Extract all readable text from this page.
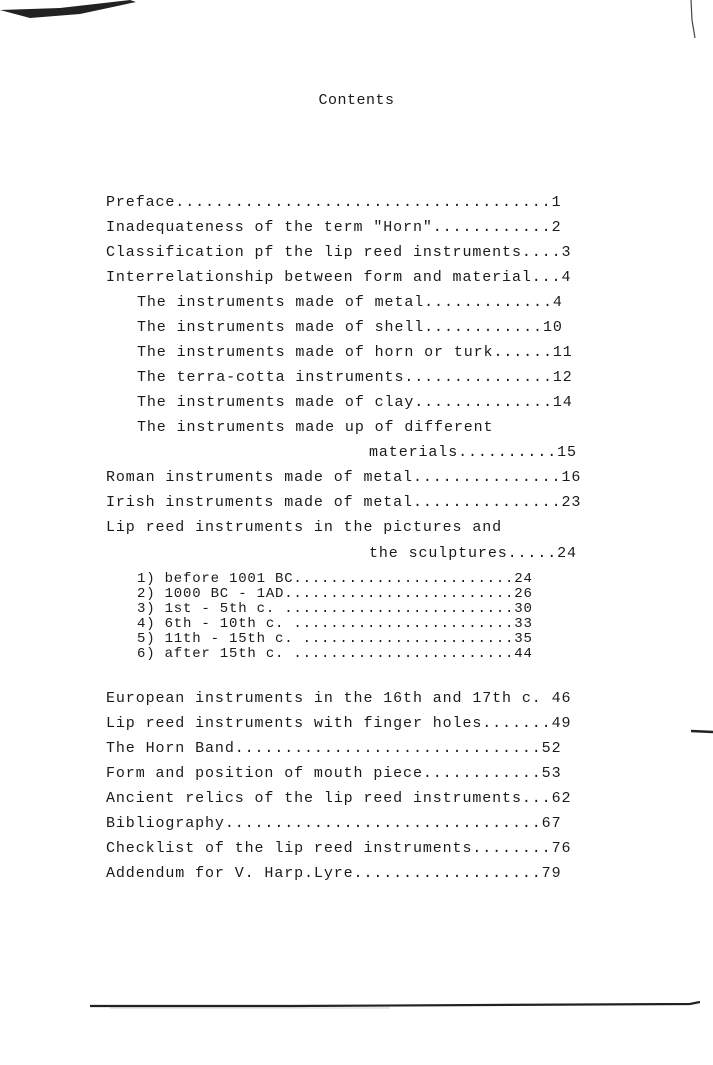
Contents
Preface......................................1
Inadequateness of the term "Horn"............2
Classification pf the lip reed instruments....3
Interrelationship between form and material...4
The instruments made of metal.............4
The instruments made of shell............10
The instruments made of horn or turk......11
The terra-cotta instruments...............12
The instruments made of clay..............14
The instruments made up of different
materials..........15
Roman instruments made of metal...............16
Irish instruments made of metal...............23
Lip reed instruments in the pictures and
the sculptures.....24
1) before 1001 BC........................24
2) 1000 BC - 1AD.........................26
3) 1st - 5th c. .........................30
4) 6th - 10th c. ........................33
5) 11th - 15th c. .......................35
6) after 15th c. ........................44
European instruments in the 16th and 17th c. 46
Lip reed instruments with finger holes.......49
The Horn Band...............................52
Form and position of mouth piece............53
Ancient relics of the lip reed instruments...62
Bibliography................................67
Checklist of the lip reed instruments........76
Addendum for V. Harp.Lyre...................79
